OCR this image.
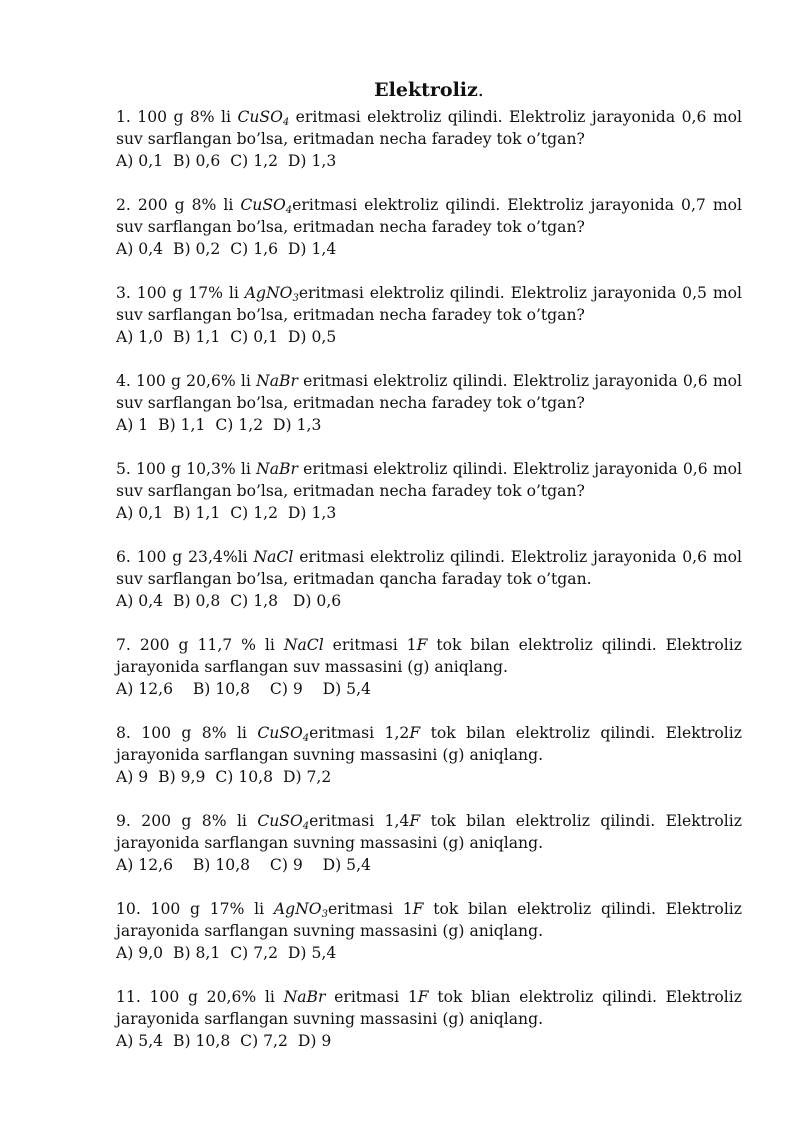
Elektroliz.

1. 100 g 8% li CuSO$_4$ eritmasi elektroliz qilindi. Elektroliz jarayonida 0,6 mol suv sarflangan bo’lsa, eritmadan necha faradey tok o’tgan?

A) 0,1  B) 0,6  C) 1,2  D) 1,3

2. 200 g 8% li CuSO$_4$eritmasi elektroliz qilindi. Elektroliz jarayonida 0,7 mol suv sarflangan bo’lsa, eritmadan necha faradey tok o’tgan?

A) 0,4  B) 0,2  C) 1,6  D) 1,4

3. 100 g 17% li AgNO$_3$eritmasi elektroliz qilindi. Elektroliz jarayonida 0,5 mol suv sarflangan bo’lsa, eritmadan necha faradey tok o’tgan?

A) 1,0  B) 1,1  C) 0,1  D) 0,5

4. 100 g 20,6% li NaBr eritmasi elektroliz qilindi. Elektroliz jarayonida 0,6 mol suv sarflangan bo’lsa, eritmadan necha faradey tok o’tgan?

A) 1  B) 1,1  C) 1,2  D) 1,3

5. 100 g 10,3% li NaBr eritmasi elektroliz qilindi. Elektroliz jarayonida 0,6 mol suv sarflangan bo’lsa, eritmadan necha faradey tok o’tgan?

A) 0,1  B) 1,1  C) 1,2  D) 1,3

6. 100 g 23,4%li NaCl eritmasi elektroliz qilindi. Elektroliz jarayonida 0,6 mol suv sarflangan bo’lsa, eritmadan qancha faraday tok o’tgan.

A) 0,4  B) 0,8  C) 1,8   D) 0,6

7. 200 g 11,7 % li NaCl eritmasi 1F tok bilan elektroliz qilindi. Elektroliz jarayonida sarflangan suv massasini (g) aniqlang.

A) 12,6    B) 10,8    C) 9    D) 5,4

8. 100 g 8% li CuSO$_4$eritmasi 1,2F tok bilan elektroliz qilindi. Elektroliz jarayonida sarflangan suvning massasini (g) aniqlang.

A) 9  B) 9,9  C) 10,8  D) 7,2

9. 200 g 8% li CuSO$_4$eritmasi 1,4F tok bilan elektroliz qilindi. Elektroliz jarayonida sarflangan suvning massasini (g) aniqlang.

A) 12,6    B) 10,8    C) 9    D) 5,4

10. 100 g 17% li AgNO$_3$eritmasi 1F tok bilan elektroliz qilindi. Elektroliz jarayonida sarflangan suvning massasini (g) aniqlang.

A) 9,0  B) 8,1  C) 7,2  D) 5,4

11. 100 g 20,6% li NaBr eritmasi 1F tok blian elektroliz qilindi. Elektroliz jarayonida sarflangan suvning massasini (g) aniqlang.

A) 5,4  B) 10,8  C) 7,2  D) 9
